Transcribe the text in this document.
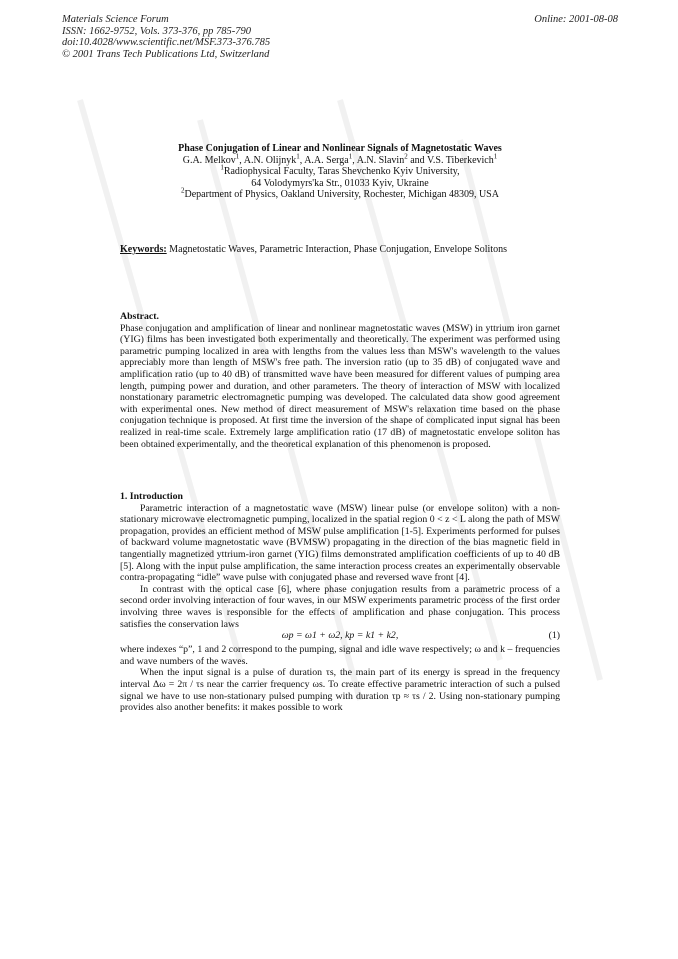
Materials Science Forum
ISSN: 1662-9752, Vols. 373-376, pp 785-790
doi:10.4028/www.scientific.net/MSF.373-376.785
© 2001 Trans Tech Publications Ltd, Switzerland
Online: 2001-08-08
Phase Conjugation of Linear and Nonlinear Signals of Magnetostatic Waves
G.A. Melkov$^1$, A.N. Olijnyk$^1$, A.A. Serga$^1$, A.N. Slavin$^2$ and V.S. Tiberkevich$^1$
$^1$Radiophysical Faculty, Taras Shevchenko Kyiv University,
64 Volodymyrs'ka Str., 01033 Kyiv, Ukraine
$^2$Department of Physics, Oakland University, Rochester, Michigan 48309, USA
Keywords: Magnetostatic Waves, Parametric Interaction, Phase Conjugation, Envelope Solitons
Abstract.

Phase conjugation and amplification of linear and nonlinear magnetostatic waves (MSW) in yttrium iron garnet (YIG) films has been investigated both experimentally and theoretically. The experiment was performed using parametric pumping localized in area with lengths from the values less than MSW's wavelength to the values appreciably more than length of MSW's free path. The inversion ratio (up to 35 dB) of conjugated wave and amplification ratio (up to 40 dB) of transmitted wave have been measured for different values of pumping area length, pumping power and duration, and other parameters. The theory of interaction of MSW with localized nonstationary parametric electromagnetic pumping was developed. The calculated data show good agreement with experimental ones. New method of direct measurement of MSW's relaxation time based on the phase conjugation technique is proposed. At first time the inversion of the shape of complicated input signal has been realized in real-time scale. Extremely large amplification ratio (17 dB) of magnetostatic envelope soliton has been obtained experimentally, and the theoretical explanation of this phenomenon is proposed.

1. Introduction

Parametric interaction of a magnetostatic wave (MSW) linear pulse (or envelope soliton) with a non-stationary microwave electromagnetic pumping, localized in the spatial region 0 < z < L along the path of MSW propagation, provides an efficient method of MSW pulse amplification [1-5]. Experiments performed for pulses of backward volume magnetostatic wave (BVMSW) propagating in the direction of the bias magnetic field in tangentially magnetized yttrium-iron garnet (YIG) films demonstrated amplification coefficients of up to 40 dB [5]. Along with the input pulse amplification, the same interaction process creates an experimentally observable contra-propagating “idle” wave pulse with conjugated phase and reversed wave front [4].

In contrast with the optical case [6], where phase conjugation results from a parametric process of a second order involving interaction of four waves, in our MSW experiments parametric process of the first order involving three waves is responsible for the effects of amplification and phase conjugation. This process satisfies the conservation laws

ωp = ω1 + ω2, kp = k1 + k2,	(1)

where indexes “p”, 1 and 2 correspond to the pumping, signal and idle wave respectively; ω and k – frequencies and wave numbers of the waves.

When the input signal is a pulse of duration τs, the main part of its energy is spread in the frequency interval Δω = 2π / τs near the carrier frequency ωs. To create effective parametric interaction of such a pulsed signal we have to use non-stationary pulsed pumping with duration τp ≈ τs / 2. Using non-stationary pumping provides also another benefits: it makes possible to work
